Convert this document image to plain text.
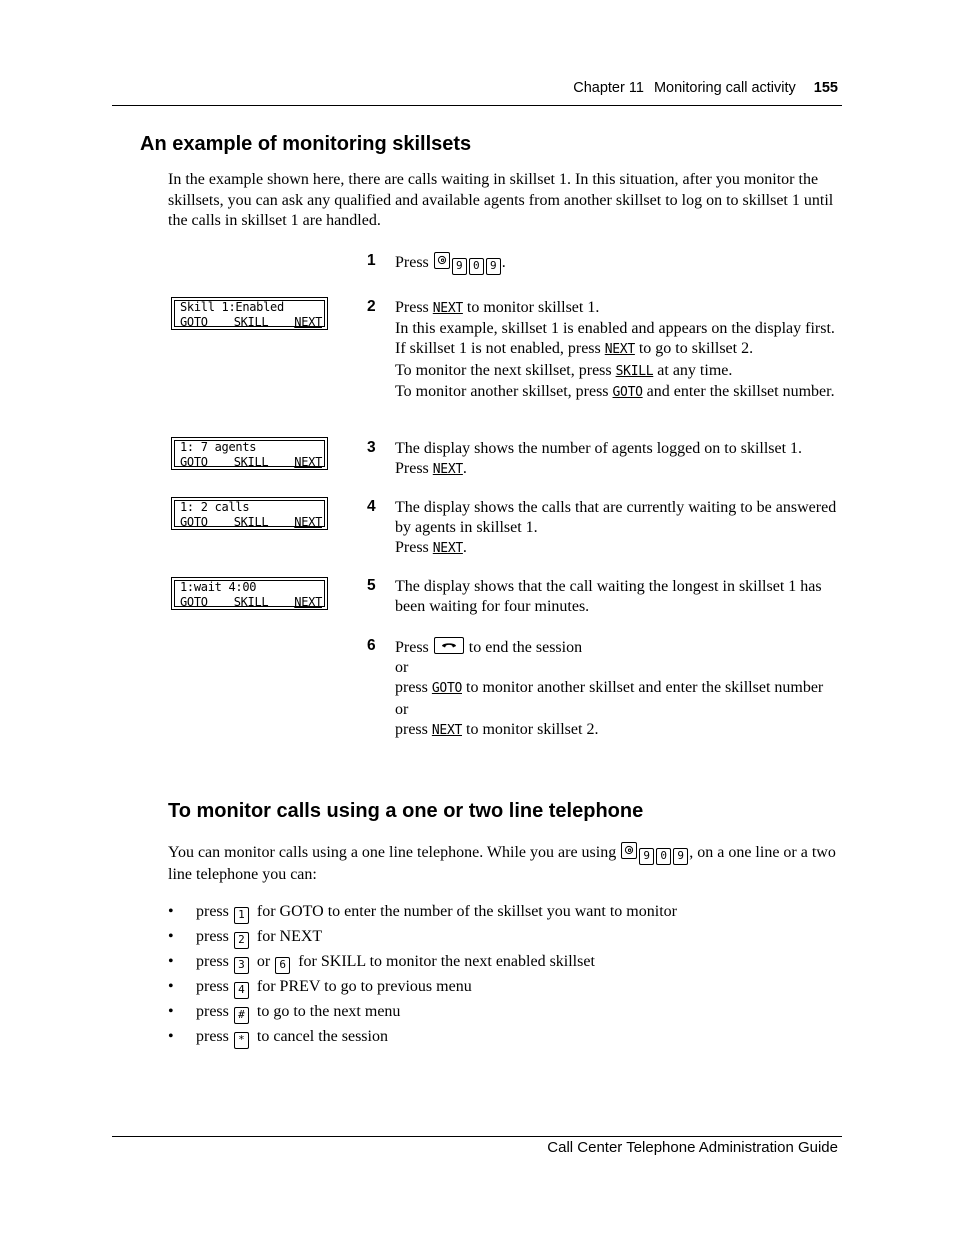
Chapter 11 Monitoring call activity 155
An example of monitoring skillsets

In the example shown here, there are calls waiting in skillset 1. In this situation, after you monitor the skillsets, you can ask any qualified and available agents from another skillset to log on to skillset 1 until the calls in skillset 1 are handled.

1 Press 9 0 9 .
Skill 1:Enabled
GOTO SKILL NEXT
2 Press NEXT to monitor skillset 1.
In this example, skillset 1 is enabled and appears on the display first. If skillset 1 is not enabled, press NEXT to go to skillset 2.
To monitor the next skillset, press SKILL at any time.
To monitor another skillset, press GOTO and enter the skillset number.
1: 7 agents
GOTO SKILL NEXT
3 The display shows the number of agents logged on to skillset 1.
Press NEXT.
1: 2 calls
GOTO SKILL NEXT
4 The display shows the calls that are currently waiting to be answered by agents in skillset 1.
Press NEXT.
1:wait 4:00
GOTO SKILL NEXT
5 The display shows that the call waiting the longest in skillset 1 has been waiting for four minutes.
6 Press	to end the session
or
press GOTO to monitor another skillset and enter the skillset number
or
press NEXT to monitor skillset 2.
To monitor calls using a one or two line telephone

You can monitor calls using a one line telephone. While you are using 9 0 9 , on a one line or a two line telephone you can:

• press 1 for GOTO to enter the number of the skillset you want to monitor
• press 2 for NEXT
• press 3 or 6 for SKILL to monitor the next enabled skillset
• press 4 for PREV to go to previous menu
• press # to go to the next menu
• press * to cancel the session
Call Center Telephone Administration Guide
